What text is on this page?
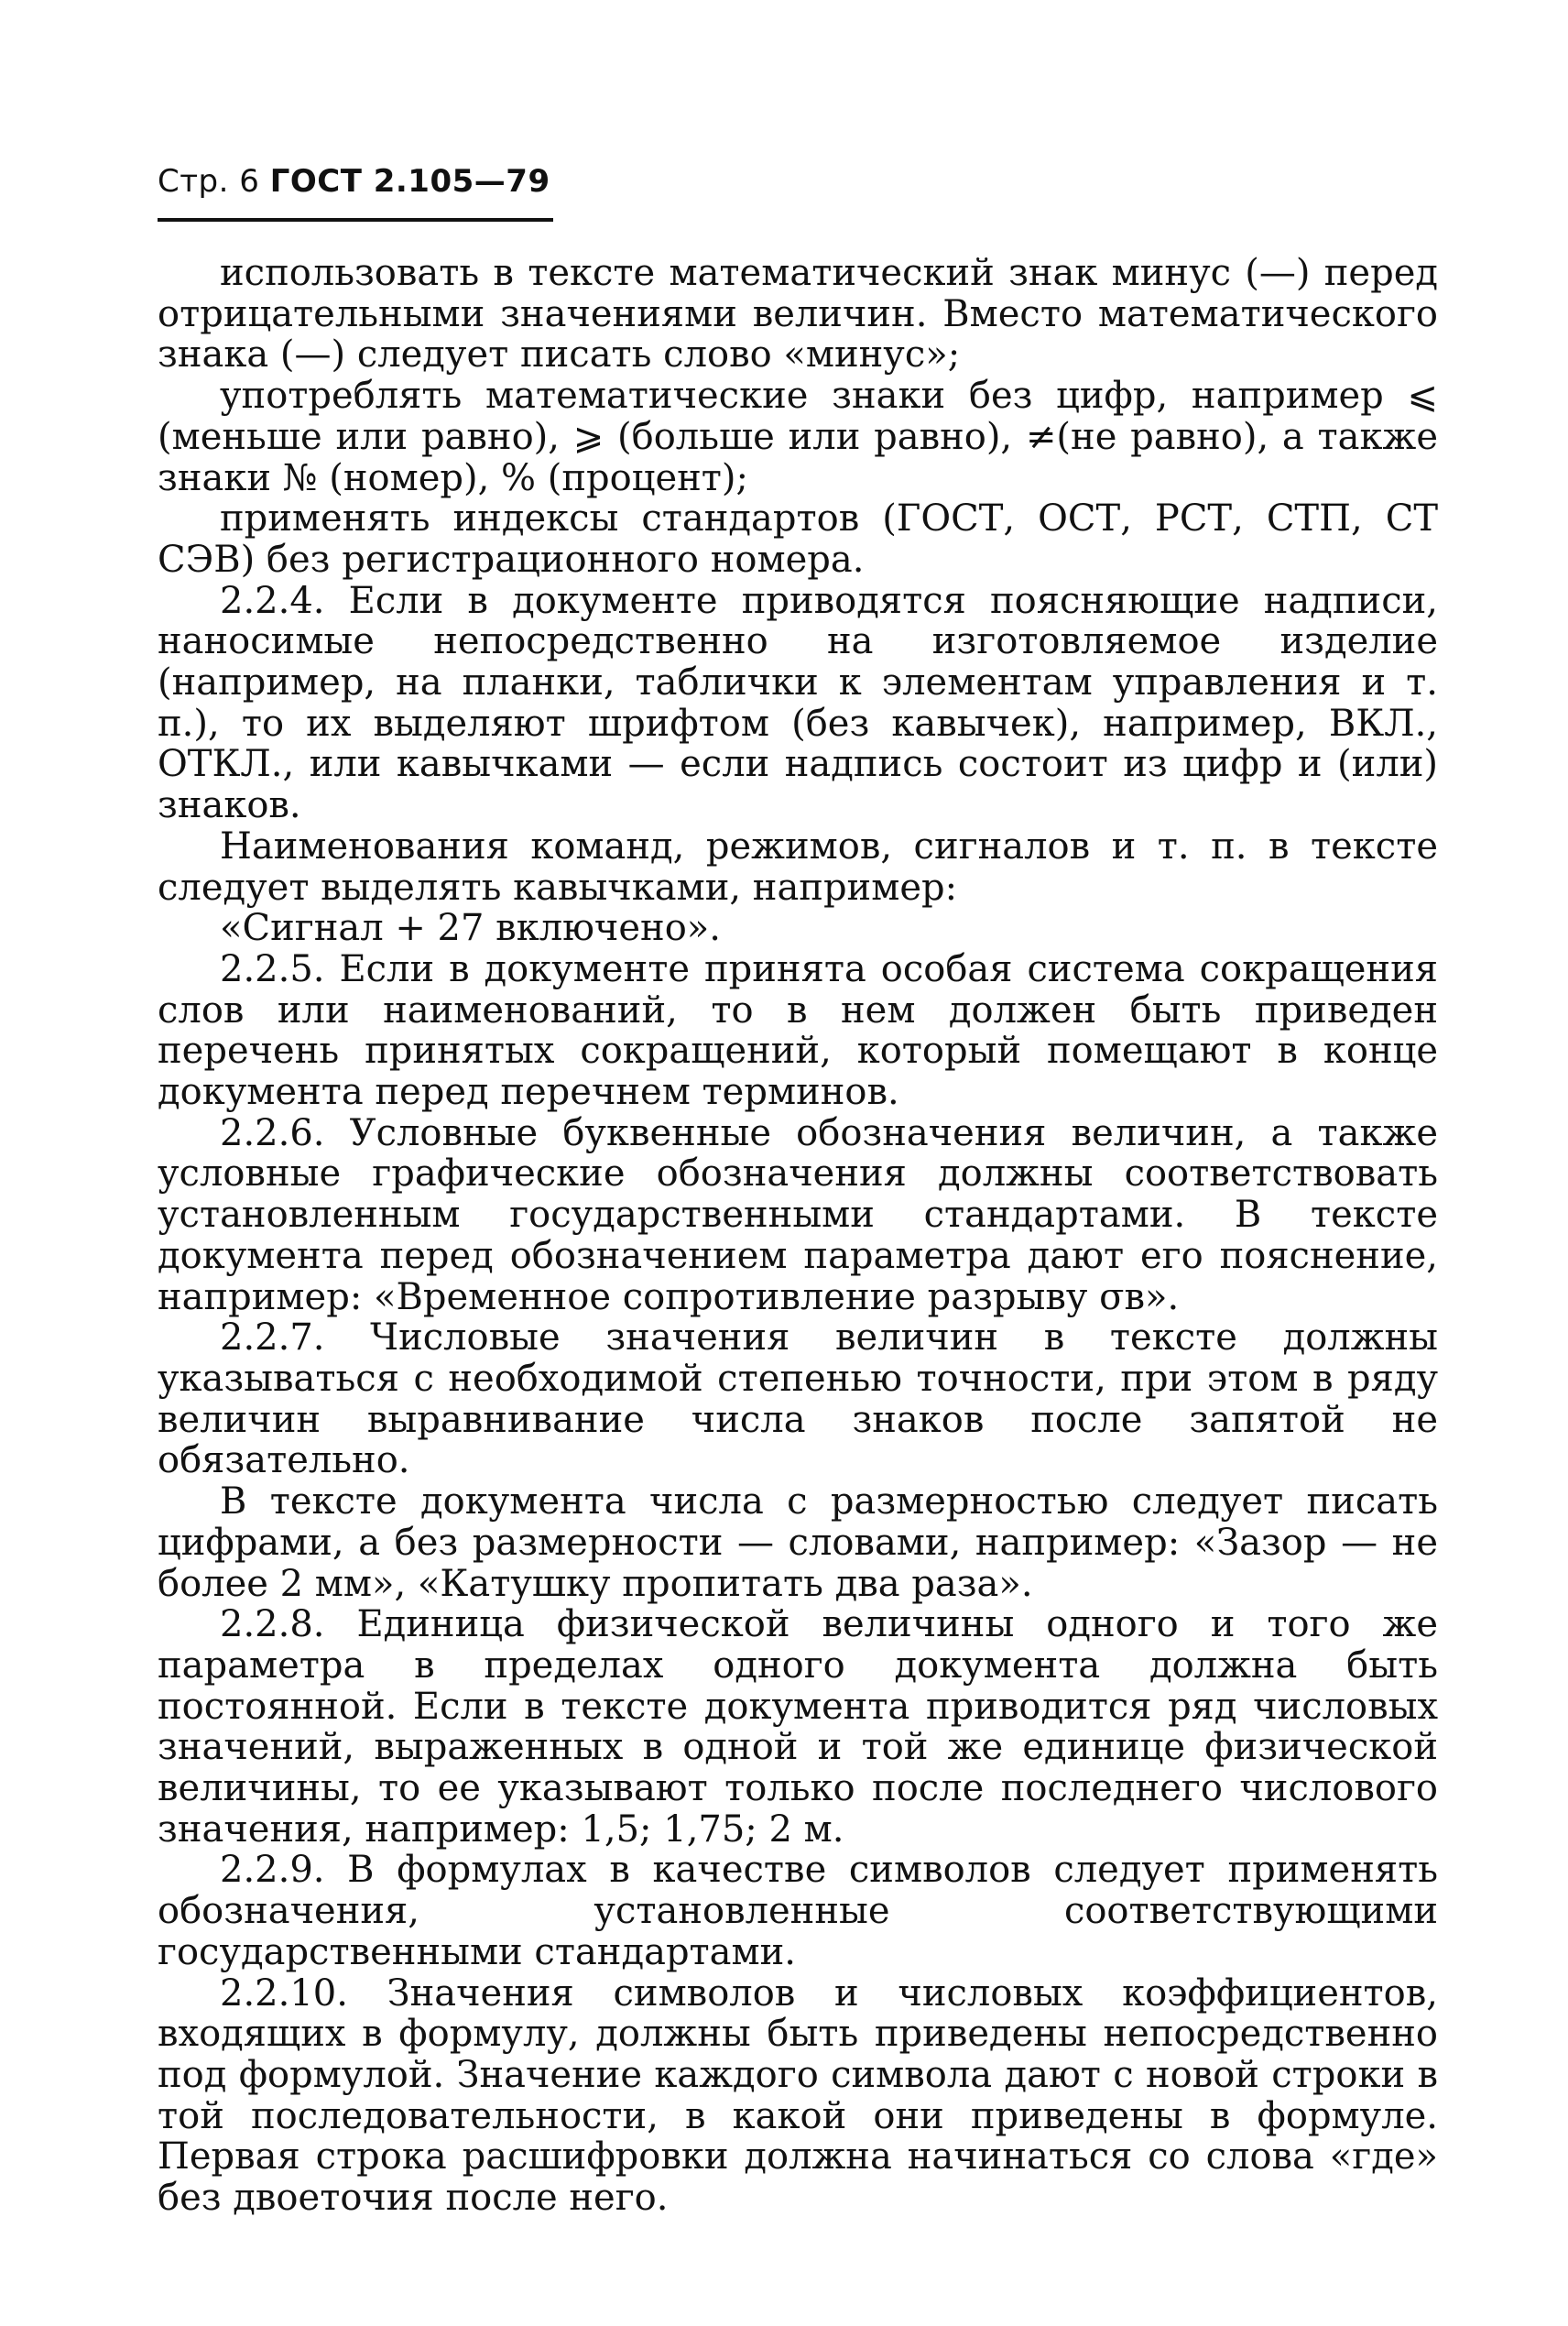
Стр. 6 ГОСТ 2.105—79

использовать в тексте математический знак минус (—) перед отрицательными значениями величин. Вместо математического знака (—) следует писать слово «минус»;

употреблять математические знаки без цифр, например ⩽ (меньше или равно), ⩾ (больше или равно), ≠(не равно), а также знаки № (номер), % (процент);

применять индексы стандартов (ГОСТ, ОСТ, РСТ, СТП, СТ СЭВ) без регистрационного номера.

2.2.4. Если в документе приводятся поясняющие надписи, наносимые непосредственно на изготовляемое изделие (например, на планки, таблички к элементам управления и т. п.), то их выделяют шрифтом (без кавычек), например, ВКЛ., ОТКЛ., или кавычками — если надпись состоит из цифр и (или) знаков.

Наименования команд, режимов, сигналов и т. п. в тексте следует выделять кавычками, например:

«Сигнал + 27 включено».

2.2.5. Если в документе принята особая система сокращения слов или наименований, то в нем должен быть приведен перечень принятых сокращений, который помещают в конце документа перед перечнем терминов.

2.2.6. Условные буквенные обозначения величин, а также условные графические обозначения должны соответствовать установленным государственными стандартами. В тексте документа перед обозначением параметра дают его пояснение, например: «Временное сопротивление разрыву σв».

2.2.7. Числовые значения величин в тексте должны указываться с необходимой степенью точности, при этом в ряду величин выравнивание числа знаков после запятой не обязательно.

В тексте документа числа с размерностью следует писать цифрами, а без размерности — словами, например: «Зазор — не более 2 мм», «Катушку пропитать два раза».

2.2.8. Единица физической величины одного и того же параметра в пределах одного документа должна быть постоянной. Если в тексте документа приводится ряд числовых значений, выраженных в одной и той же единице физической величины, то ее указывают только после последнего числового значения, например: 1,5; 1,75; 2 м.

2.2.9. В формулах в качестве символов следует применять обозначения, установленные соответствующими государственными стандартами.

2.2.10. Значения символов и числовых коэффициентов, входящих в формулу, должны быть приведены непосредственно под формулой. Значение каждого символа дают с новой строки в той последовательности, в какой они приведены в формуле. Первая строка расшифровки должна начинаться со слова «где» без двоеточия после него.
